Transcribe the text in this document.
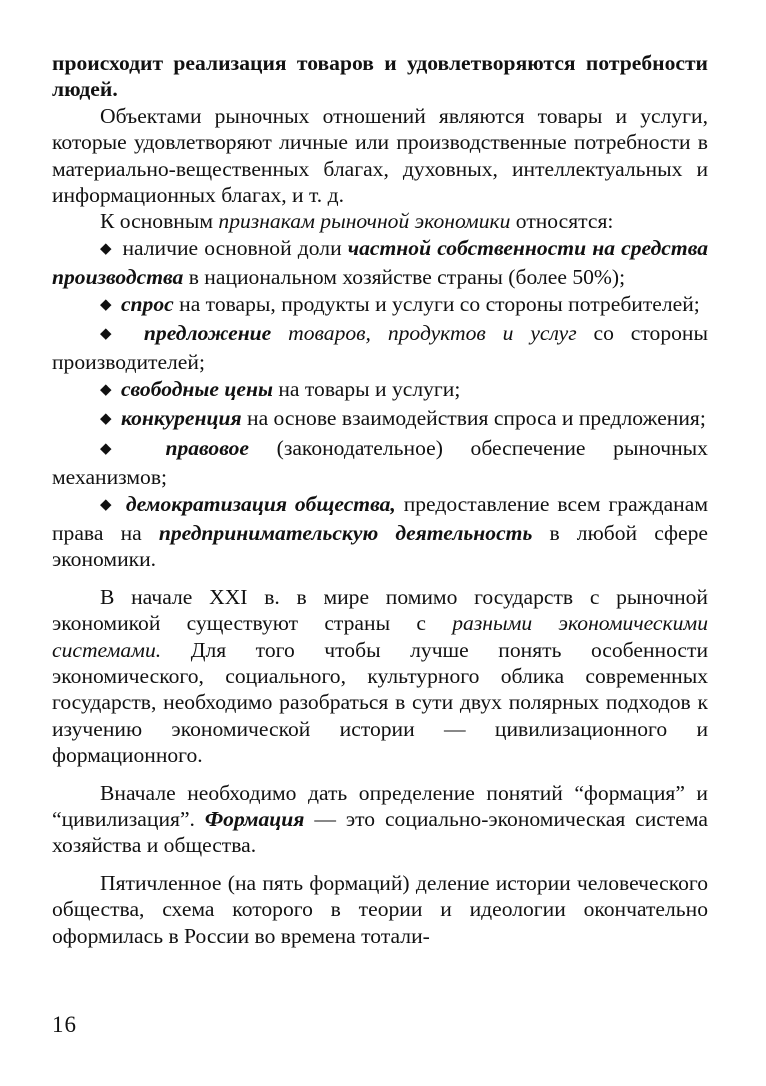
происходит реализация товаров и удовлетворяются потребности людей.

Объектами рыночных отношений являются товары и услуги, которые удовлетворяют личные или производственные потребности в материально-вещественных благах, духовных, интеллектуальных и информационных благах, и т. д.

К основным признакам рыночной экономики относятся:

◆ наличие основной доли частной собственности на средства производства в национальном хозяйстве страны (более 50%);

◆ спрос на товары, продукты и услуги со стороны потребителей;

◆ предложение товаров, продуктов и услуг со стороны производителей;

◆ свободные цены на товары и услуги;

◆ конкуренция на основе взаимодействия спроса и предложения;

◆ правовое (законодательное) обеспечение рыночных механизмов;

◆ демократизация общества, предоставление всем гражданам права на предпринимательскую деятельность в любой сфере экономики.

В начале XXI в. в мире помимо государств с рыночной экономикой существуют страны с разными экономическими системами. Для того чтобы лучше понять особенности экономического, социального, культурного облика современных государств, необходимо разобраться в сути двух полярных подходов к изучению экономической истории — цивилизационного и формационного.

Вначале необходимо дать определение понятий “формация” и “цивилизация”. Формация — это социально-экономическая система хозяйства и общества.

Пятичленное (на пять формаций) деление истории человеческого общества, схема которого в теории и идеологии окончательно оформилась в России во времена тотали-

16
